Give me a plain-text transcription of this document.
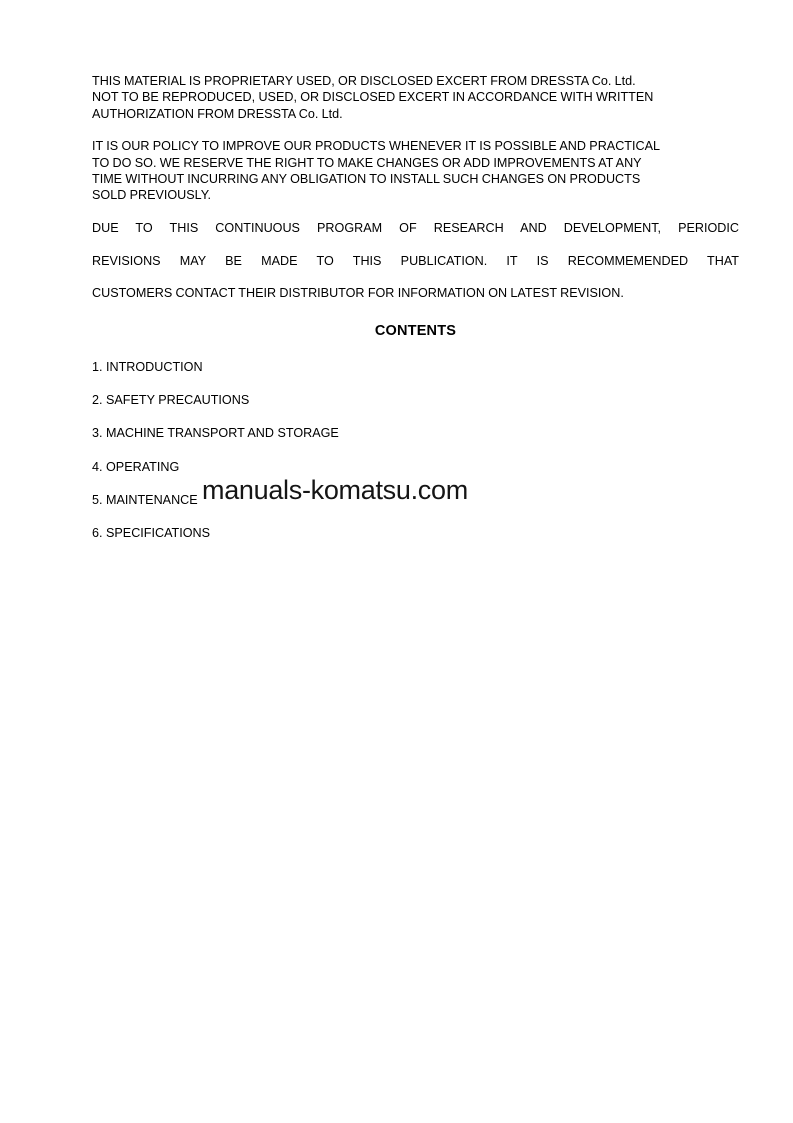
THIS MATERIAL IS PROPRIETARY USED, OR DISCLOSED EXCERT FROM DRESSTA Co. Ltd.
NOT TO BE REPRODUCED, USED, OR DISCLOSED EXCERT IN ACCORDANCE WITH WRITTEN
AUTHORIZATION FROM DRESSTA Co. Ltd.

IT IS OUR POLICY TO IMPROVE OUR PRODUCTS WHENEVER IT IS POSSIBLE AND PRACTICAL
TO DO SO. WE RESERVE THE RIGHT TO MAKE CHANGES OR ADD IMPROVEMENTS AT ANY
TIME WITHOUT INCURRING ANY OBLIGATION TO INSTALL SUCH CHANGES ON PRODUCTS
SOLD PREVIOUSLY.

DUE TO THIS CONTINUOUS PROGRAM OF RESEARCH AND DEVELOPMENT, PERIODIC
REVISIONS MAY BE MADE TO THIS PUBLICATION. IT IS RECOMMEMENDED THAT
CUSTOMERS CONTACT THEIR DISTRIBUTOR FOR INFORMATION ON LATEST REVISION.

CONTENTS
1. INTRODUCTION
2. SAFETY PRECAUTIONS
3. MACHINE TRANSPORT AND STORAGE
4. OPERATING
5. MAINTENANCE
6. SPECIFICATIONS
manuals-komatsu.com
